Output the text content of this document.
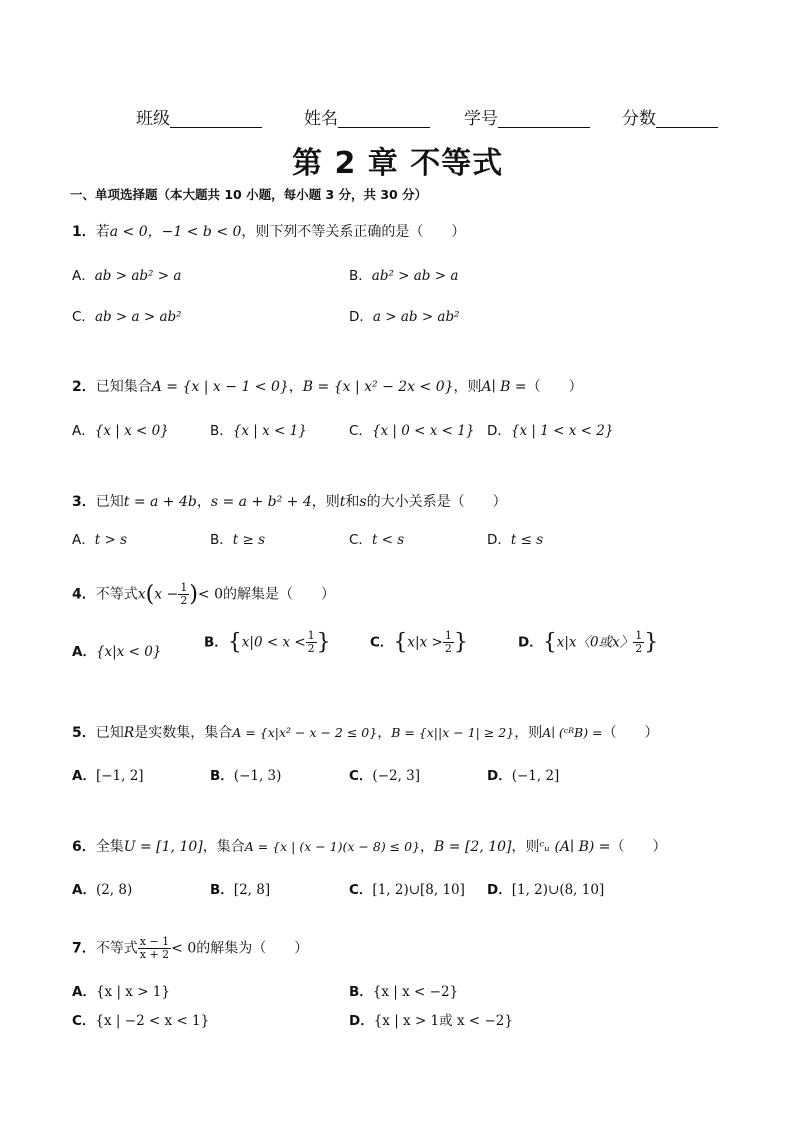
班级	姓名	学号	分数
第 2 章 不等式
一、单项选择题（本大题共 10 小题，每小题 3 分，共 30 分）
1．若a < 0，−1 < b < 0，则下列不等关系正确的是（　　）
A．ab > ab² > a	B．ab² > ab > a
C．ab > a > ab²	D．a > ab > ab²
2．已知集合A = {x | x − 1 < 0}，B = {x | x² − 2x < 0}，则A∣ B =（　　）
A．{x | x < 0}	B．{x | x < 1}	C．{x | 0 < x < 1} D．{x | 1 < x < 2}
3．已知t = a + 4b，s = a + b² + 4，则t和s的大小关系是（　　）
A．t > s	B．t ≥ s	C．t < s	D．t ≤ s
4．不等式$x(x - \frac{1}{2}$ )< 0的解集是（　　）
A．{x|x < 0}
B．{$x|0 < x < \frac{1}{2}$ }	C．{$x|x > \frac{1}{2}$ }	D．{x|x〈0或x〉 $\frac{1}{2}$ }
5．已知R是实数集，集合A = {x|x² − x − 2 ≤ 0}，B = {x||x − 1| ≥ 2}，则A∣ (ᶜᴿB) =（　　）
A．[−1, 2]	B．(−1, 3)	C．(−2, 3]	D．(−1, 2]
6．全集U = [1, 10]，集合A = {x | (x − 1)(x − 8) ≤ 0}，B = [2, 10]，则ᶜᵤ (A∣ B) =（　　）
A．(2, 8)	B．[2, 8]	C．[1, 2)∪[8, 10] D．[1, 2)∪(8, 10]
7．不等式 $\frac{x - 1}{x + 2} < 0$的解集为（　　）
A．{x | x > 1}	B．{x | x < −2}
C．{x | −2 < x < 1}	D．{x | x > 1或 x < −2}
